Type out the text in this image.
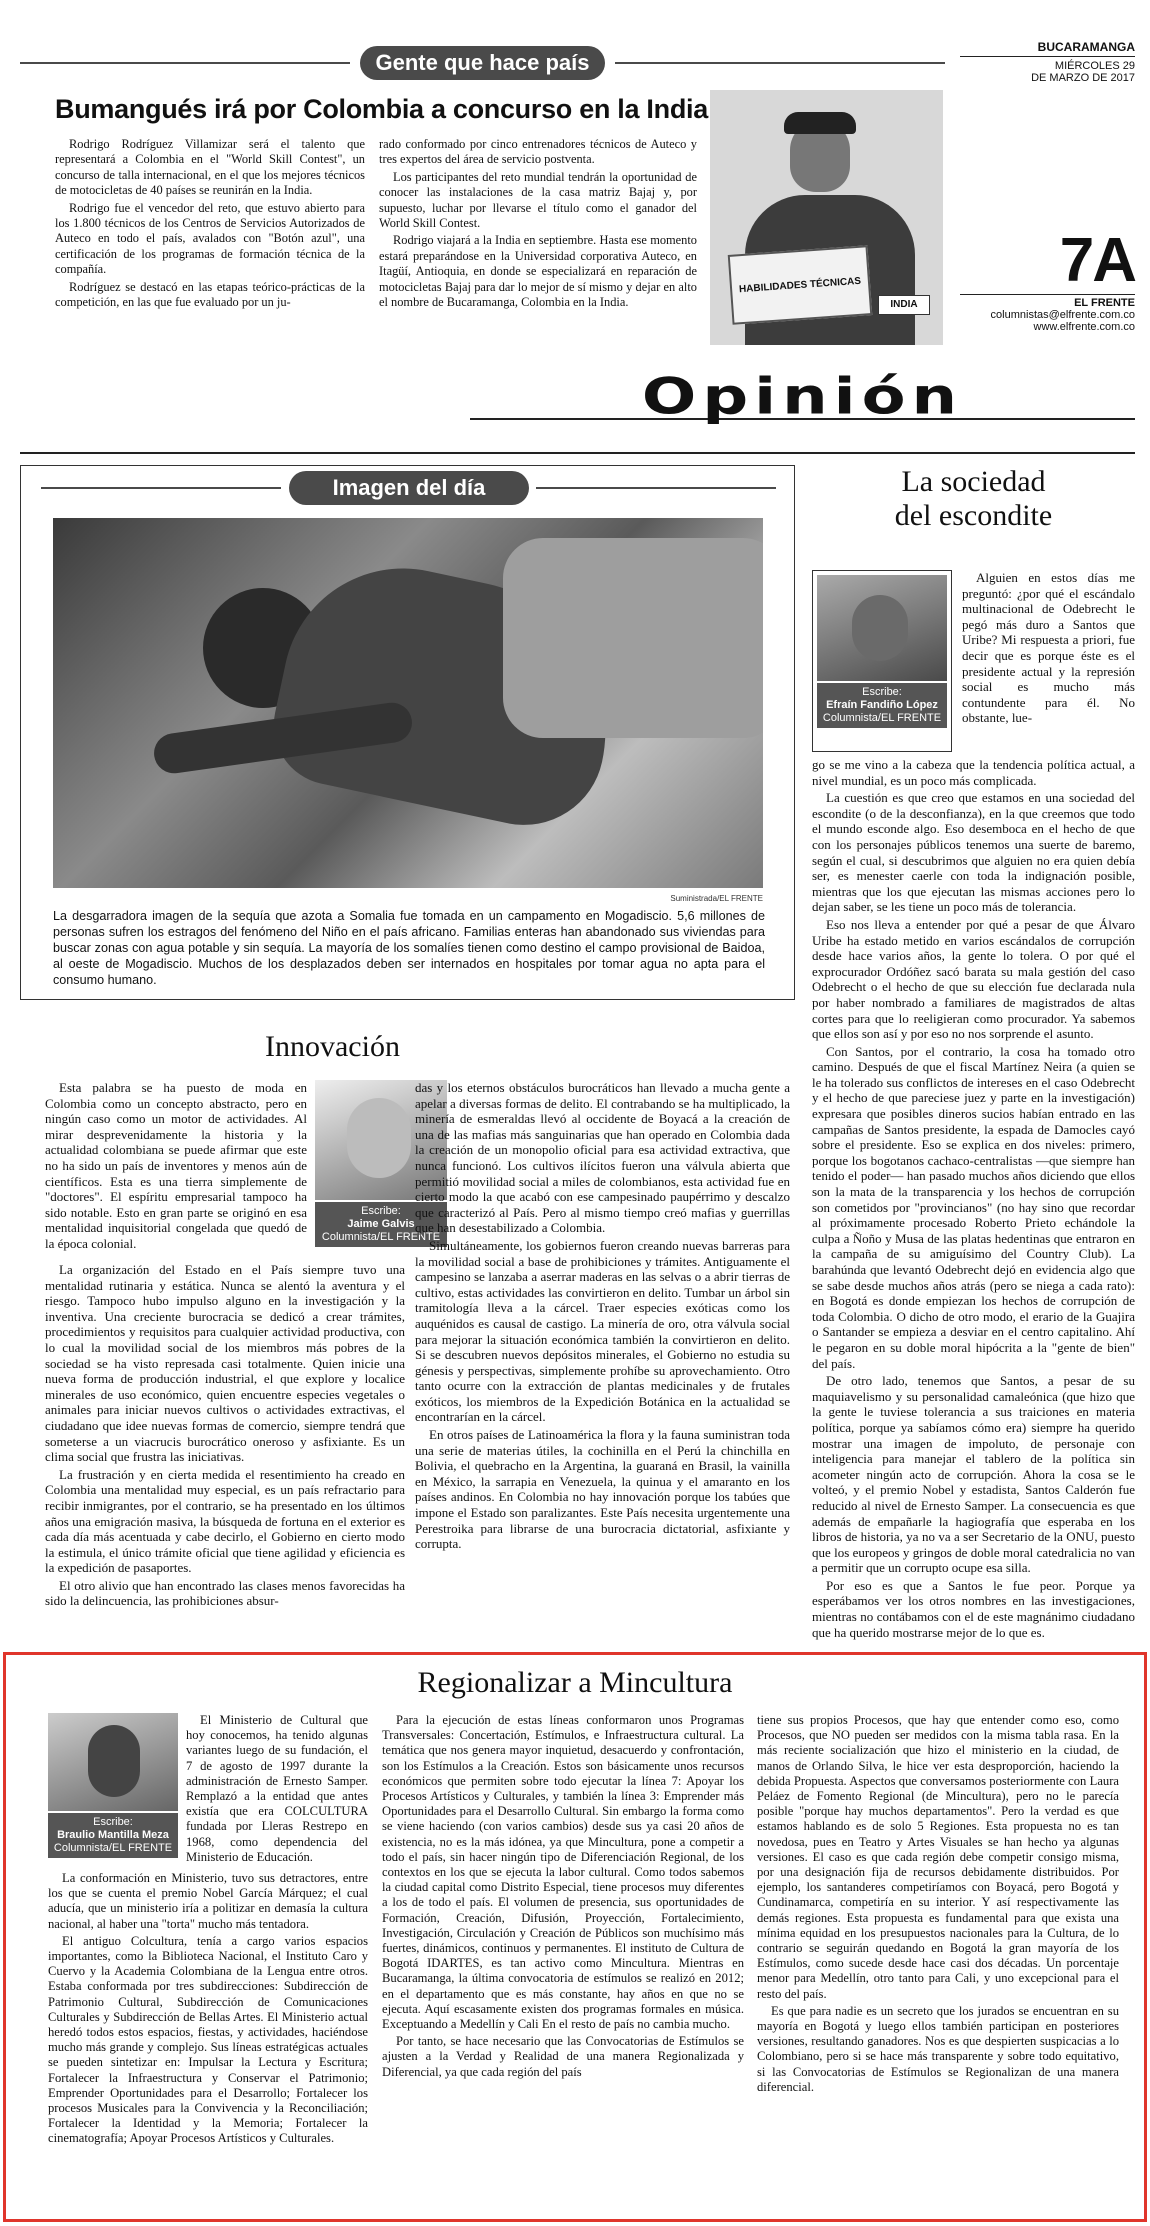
Gente que hace país
Bumangués irá por Colombia a concurso en la India

Rodrigo Rodríguez Villamizar será el talento que representará a Colombia en el "World Skill Contest", un concurso de talla internacional, en el que los mejores técnicos de motocicletas de 40 países se reunirán en la India.

Rodrigo fue el vencedor del reto, que estuvo abierto para los 1.800 técnicos de los Centros de Servicios Autorizados de Auteco en todo el país, avalados con "Botón azul", una certificación de los programas de formación técnica de la compañía.

Rodríguez se destacó en las etapas teórico-prácticas de la competición, en las que fue evaluado por un ju-

rado conformado por cinco entrenadores técnicos de Auteco y tres expertos del área de servicio postventa.

Los participantes del reto mundial tendrán la oportunidad de conocer las instalaciones de la casa matriz Bajaj y, por supuesto, luchar por llevarse el título como el ganador del World Skill Contest.

Rodrigo viajará a la India en septiembre. Hasta ese momento estará preparándose en la Universidad corporativa Auteco, en Itagüí, Antioquia, en donde se especializará en reparación de motocicletas Bajaj para dar lo mejor de sí mismo y dejar en alto el nombre de Bucaramanga, Colombia en la India.

HABILIDADES TÉCNICAS
INDIA
BUCARAMANGA
MIÉRCOLES 29
DE MARZO DE 2017
7A
EL FRENTE
columnistas@elfrente.com.co
www.elfrente.com.co
Opinión
Imagen del día
Suministrada/EL FRENTE
La desgarradora imagen de la sequía que azota a Somalia fue tomada en un campamento en Mogadiscio. 5,6 millones de personas sufren los estragos del fenómeno del Niño en el país africano. Familias enteras han abandonado sus viviendas para buscar zonas con agua potable y sin sequía. La mayoría de los somalíes tienen como destino el campo provisional de Baidoa, al oeste de Mogadiscio. Muchos de los desplazados deben ser internados en hospitales por tomar agua no apta para el consumo humano.
La sociedad
del escondite
Escribe:
Efraín Fandiño López
Columnista/EL FRENTE
Alguien en estos días me preguntó: ¿por qué el escándalo multinacional de Odebrecht le pegó más duro a Santos que Uribe? Mi respuesta a priori, fue decir que es porque éste es el presidente actual y la represión social es mucho más contundente para él. No obstante, lue-

go se me vino a la cabeza que la tendencia política actual, a nivel mundial, es un poco más complicada.

La cuestión es que creo que estamos en una sociedad del escondite (o de la desconfianza), en la que creemos que todo el mundo esconde algo. Eso desemboca en el hecho de que con los personajes públicos tenemos una suerte de baremo, según el cual, si descubrimos que alguien no era quien debía ser, es menester caerle con toda la indignación posible, mientras que los que ejecutan las mismas acciones pero lo dejan saber, se les tiene un poco más de tolerancia.

Eso nos lleva a entender por qué a pesar de que Álvaro Uribe ha estado metido en varios escándalos de corrupción desde hace varios años, la gente lo tolera. O por qué el exprocurador Ordóñez sacó barata su mala gestión del caso Odebrecht o el hecho de que su elección fue declarada nula por haber nombrado a familiares de magistrados de altas cortes para que lo reeligieran como procurador. Ya sabemos que ellos son así y por eso no nos sorprende el asunto.

Con Santos, por el contrario, la cosa ha tomado otro camino. Después de que el fiscal Martínez Neira (a quien se le ha tolerado sus conflictos de intereses en el caso Odebrecht y el hecho de que pareciese juez y parte en la investigación) expresara que posibles dineros sucios habían entrado en las campañas de Santos presidente, la espada de Damocles cayó sobre el presidente. Eso se explica en dos niveles: primero, porque los bogotanos cachaco-centralistas —que siempre han tenido el poder— han pasado muchos años diciendo que ellos son la mata de la transparencia y los hechos de corrupción son cometidos por "provincianos" (no hay sino que recordar al próximamente procesado Roberto Prieto echándole la culpa a Ñoño y Musa de las platas hedentinas que entraron en la campaña de su amiguísimo del Country Club). La barahúnda que levantó Odebrecht dejó en evidencia algo que se sabe desde muchos años atrás (pero se niega a cada rato): en Bogotá es donde empiezan los hechos de corrupción de toda Colombia. O dicho de otro modo, el erario de la Guajira o Santander se empieza a desviar en el centro capitalino. Ahí le pegaron en su doble moral hipócrita a la "gente de bien" del país.

De otro lado, tenemos que Santos, a pesar de su maquiavelismo y su personalidad camaleónica (que hizo que la gente le tuviese tolerancia a sus traiciones en materia política, porque ya sabíamos cómo era) siempre ha querido mostrar una imagen de impoluto, de personaje con inteligencia para manejar el tablero de la política sin acometer ningún acto de corrupción. Ahora la cosa se le volteó, y el premio Nobel y estadista, Santos Calderón fue reducido al nivel de Ernesto Samper. La consecuencia es que además de empañarle la hagiografía que esperaba en los libros de historia, ya no va a ser Secretario de la ONU, puesto que los europeos y gringos de doble moral catedralicia no van a permitir que un corrupto ocupe esa silla.

Por eso es que a Santos le fue peor. Porque ya esperábamos ver los otros nombres en las investigaciones, mientras no contábamos con el de este magnánimo ciudadano que ha querido mostrarse mejor de lo que es.

Innovación
Esta palabra se ha puesto de moda en Colombia como un concepto abstracto, pero en ningún caso como un motor de actividades. Al mirar desprevenidamente la historia y la actualidad colombiana se puede afirmar que este no ha sido un país de inventores y menos aún de científicos. Esta es una tierra simplemente de "doctores". El espíritu empresarial tampoco ha sido notable. Esto en gran parte se originó en esa mentalidad inquisitorial congelada que quedó de la época colonial.
Escribe:
Jaime Galvis
Columnista/EL FRENTE

La organización del Estado en el País siempre tuvo una mentalidad rutinaria y estática. Nunca se alentó la aventura y el riesgo. Tampoco hubo impulso alguno en la investigación y la inventiva. Una creciente burocracia se dedicó a crear trámites, procedimientos y requisitos para cualquier actividad productiva, con lo cual la movilidad social de los miembros más pobres de la sociedad se ha visto represada casi totalmente. Quien inicie una nueva forma de producción industrial, el que explore y localice minerales de uso económico, quien encuentre especies vegetales o animales para iniciar nuevos cultivos o actividades extractivas, el ciudadano que idee nuevas formas de comercio, siempre tendrá que someterse a un viacrucis burocrático oneroso y asfixiante. Es un clima social que frustra las iniciativas.

La frustración y en cierta medida el resentimiento ha creado en Colombia una mentalidad muy especial, es un país refractario para recibir inmigrantes, por el contrario, se ha presentado en los últimos años una emigración masiva, la búsqueda de fortuna en el exterior es cada día más acentuada y cabe decirlo, el Gobierno en cierto modo la estimula, el único trámite oficial que tiene agilidad y eficiencia es la expedición de pasaportes.

El otro alivio que han encontrado las clases menos favorecidas ha sido la delincuencia, las prohibiciones absur-

das y los eternos obstáculos burocráticos han llevado a mucha gente a apelar a diversas formas de delito. El contrabando se ha multiplicado, la minería de esmeraldas llevó al occidente de Boyacá a la creación de una de las mafias más sanguinarias que han operado en Colombia dada la creación de un monopolio oficial para esa actividad extractiva, que nunca funcionó. Los cultivos ilícitos fueron una válvula abierta que permitió movilidad social a miles de colombianos, esta actividad fue en cierto modo la que acabó con ese campesinado paupérrimo y descalzo que caracterizó al País. Pero al mismo tiempo creó mafias y guerrillas que han desestabilizado a Colombia.

Simultáneamente, los gobiernos fueron creando nuevas barreras para la movilidad social a base de prohibiciones y trámites. Antiguamente el campesino se lanzaba a aserrar maderas en las selvas o a abrir tierras de cultivo, estas actividades las convirtieron en delito. Tumbar un árbol sin tramitología lleva a la cárcel. Traer especies exóticas como los auquénidos es causal de castigo. La minería de oro, otra válvula social para mejorar la situación económica también la convirtieron en delito. Si se descubren nuevos depósitos minerales, el Gobierno no estudia su génesis y perspectivas, simplemente prohíbe su aprovechamiento. Otro tanto ocurre con la extracción de plantas medicinales y de frutales exóticos, los miembros de la Expedición Botánica en la actualidad se encontrarían en la cárcel.

En otros países de Latinoamérica la flora y la fauna suministran toda una serie de materias útiles, la cochinilla en el Perú la chinchilla en Bolivia, el quebracho en la Argentina, la guaraná en Brasil, la vainilla en México, la sarrapia en Venezuela, la quinua y el amaranto en los países andinos. En Colombia no hay innovación porque los tabúes que impone el Estado son paralizantes. Este País necesita urgentemente una Perestroika para librarse de una burocracia dictatorial, asfixiante y corrupta.

Regionalizar a Mincultura
Escribe:
Braulio Mantilla Meza
Columnista/EL FRENTE
El Ministerio de Cultural que hoy conocemos, ha tenido algunas variantes luego de su fundación, el 7 de agosto de 1997 durante la administración de Ernesto Samper. Remplazó a la entidad que antes existía que era COLCULTURA fundada por Lleras Restrepo en 1968, como dependencia del Ministerio de Educación.

La conformación en Ministerio, tuvo sus detractores, entre los que se cuenta el premio Nobel García Márquez; el cual aducía, que un ministerio iría a politizar en demasía la cultura nacional, al haber una "torta" mucho más tentadora.

El antiguo Colcultura, tenía a cargo varios espacios importantes, como la Biblioteca Nacional, el Instituto Caro y Cuervo y la Academia Colombiana de la Lengua entre otros. Estaba conformada por tres subdirecciones: Subdirección de Patrimonio Cultural, Subdirección de Comunicaciones Culturales y Subdirección de Bellas Artes. El Ministerio actual heredó todos estos espacios, fiestas, y actividades, haciéndose mucho más grande y complejo. Sus líneas estratégicas actuales se pueden sintetizar en: Impulsar la Lectura y Escritura; Fortalecer la Infraestructura y Conservar el Patrimonio; Emprender Oportunidades para el Desarrollo; Fortalecer los procesos Musicales para la Convivencia y la Reconciliación; Fortalecer la Identidad y la Memoria; Fortalecer la cinematografía; Apoyar Procesos Artísticos y Culturales.

Para la ejecución de estas líneas conformaron unos Programas Transversales: Concertación, Estímulos, e Infraestructura cultural. La temática que nos genera mayor inquietud, desacuerdo y confrontación, son los Estímulos a la Creación. Estos son básicamente unos recursos económicos que permiten sobre todo ejecutar la línea 7: Apoyar los Procesos Artísticos y Culturales, y también la línea 3: Emprender más Oportunidades para el Desarrollo Cultural. Sin embargo la forma como se viene haciendo (con varios cambios) desde sus ya casi 20 años de existencia, no es la más idónea, ya que Mincultura, pone a competir a todo el país, sin hacer ningún tipo de Diferenciación Regional, de los contextos en los que se ejecuta la labor cultural. Como todos sabemos la ciudad capital como Distrito Especial, tiene procesos muy diferentes a los de todo el país. El volumen de presencia, sus oportunidades de Formación, Creación, Difusión, Proyección, Fortalecimiento, Investigación, Circulación y Creación de Públicos son muchísimo más fuertes, dinámicos, continuos y permanentes. El instituto de Cultura de Bogotá IDARTES, es tan activo como Mincultura. Mientras en Bucaramanga, la última convocatoria de estímulos se realizó en 2012; en el departamento que es más constante, hay años en que no se ejecuta. Aquí escasamente existen dos programas formales en música. Exceptuando a Medellín y Cali En el resto de país no cambia mucho.

Por tanto, se hace necesario que las Convocatorias de Estímulos se ajusten a la Verdad y Realidad de una manera Regionalizada y Diferencial, ya que cada región del país

tiene sus propios Procesos, que hay que entender como eso, como Procesos, que NO pueden ser medidos con la misma tabla rasa. En la más reciente socialización que hizo el ministerio en la ciudad, de manos de Orlando Silva, le hice ver esta desproporción, haciendo la debida Propuesta. Aspectos que conversamos posteriormente con Laura Peláez de Fomento Regional (de Mincultura), pero no le parecía posible "porque hay muchos departamentos". Pero la verdad es que estamos hablando es de solo 5 Regiones. Esta propuesta no es tan novedosa, pues en Teatro y Artes Visuales se han hecho ya algunas versiones. El caso es que cada región debe competir consigo misma, por una designación fija de recursos debidamente distribuidos. Por ejemplo, los santanderes competiríamos con Boyacá, pero Bogotá y Cundinamarca, competiría en su interior. Y así respectivamente las demás regiones. Esta propuesta es fundamental para que exista una mínima equidad en los presupuestos nacionales para la Cultura, de lo contrario se seguirán quedando en Bogotá la gran mayoría de los Estímulos, como sucede desde hace casi dos décadas. Un porcentaje menor para Medellín, otro tanto para Cali, y uno excepcional para el resto del país.

Es que para nadie es un secreto que los jurados se encuentran en su mayoría en Bogotá y luego ellos también participan en posteriores versiones, resultando ganadores. Nos es que despierten suspicacias a lo Colombiano, pero si se hace más transparente y sobre todo equitativo, si las Convocatorias de Estímulos se Regionalizan de una manera diferencial.
